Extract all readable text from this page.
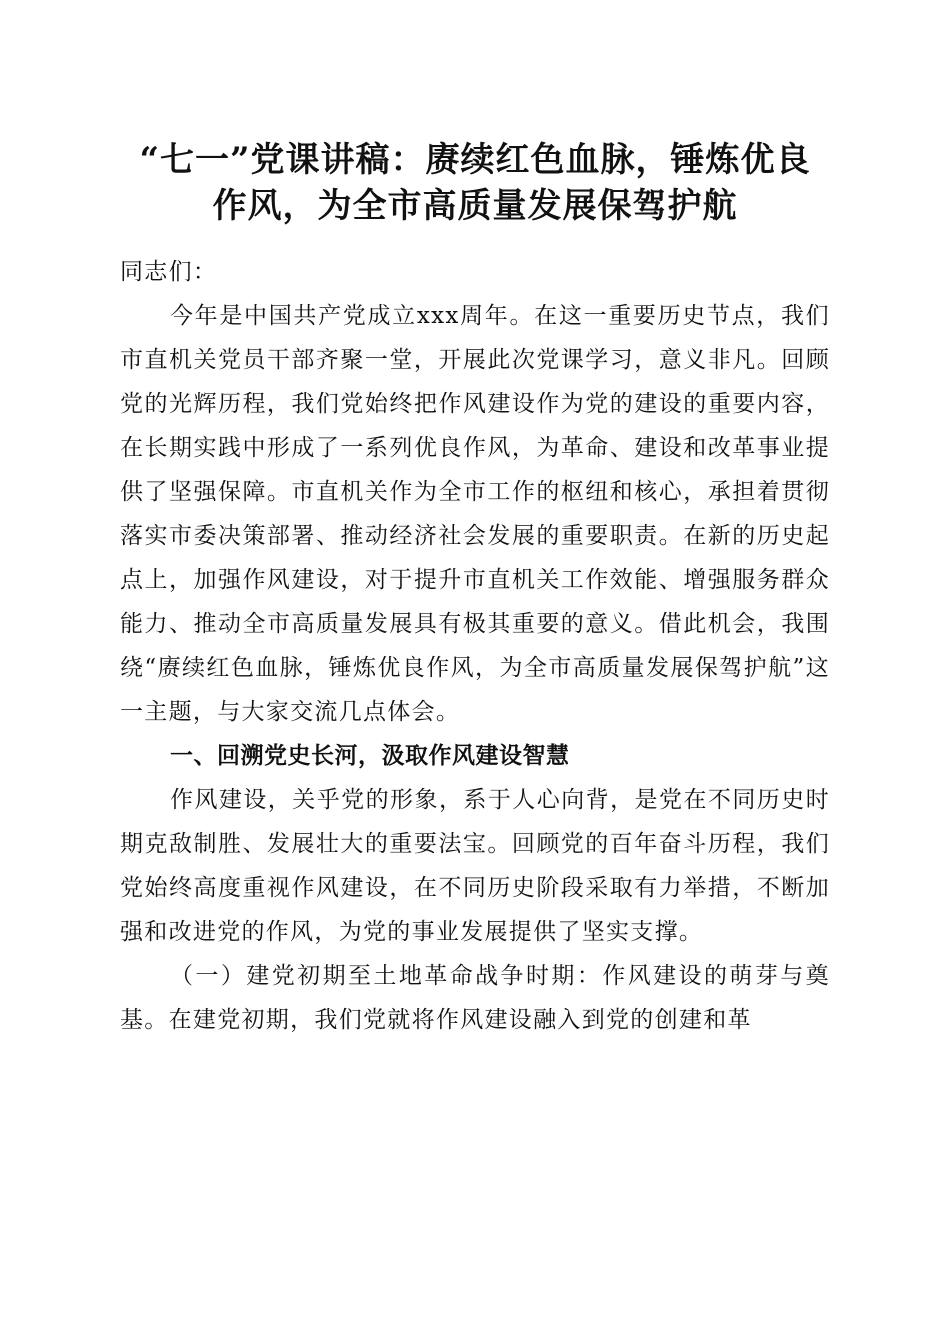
“七一”党课讲稿：赓续红色血脉，锤炼优良
作风，为全市高质量发展保驾护航

同志们：

今年是中国共产党成立xxx周年。在这一重要历史节点，我们市直机关党员干部齐聚一堂，开展此次党课学习，意义非凡。回顾党的光辉历程，我们党始终把作风建设作为党的建设的重要内容，在长期实践中形成了一系列优良作风，为革命、建设和改革事业提供了坚强保障。市直机关作为全市工作的枢纽和核心，承担着贯彻落实市委决策部署、推动经济社会发展的重要职责。在新的历史起点上，加强作风建设，对于提升市直机关工作效能、增强服务群众能力、推动全市高质量发展具有极其重要的意义。借此机会，我围绕“赓续红色血脉，锤炼优良作风，为全市高质量发展保驾护航”这一主题，与大家交流几点体会。

一、回溯党史长河，汲取作风建设智慧

作风建设，关乎党的形象，系于人心向背，是党在不同历史时期克敌制胜、发展壮大的重要法宝。回顾党的百年奋斗历程，我们党始终高度重视作风建设，在不同历史阶段采取有力举措，不断加强和改进党的作风，为党的事业发展提供了坚实支撑。

（一）建党初期至土地革命战争时期：作风建设的萌芽与奠基。在建党初期，我们党就将作风建设融入到党的创建和革
